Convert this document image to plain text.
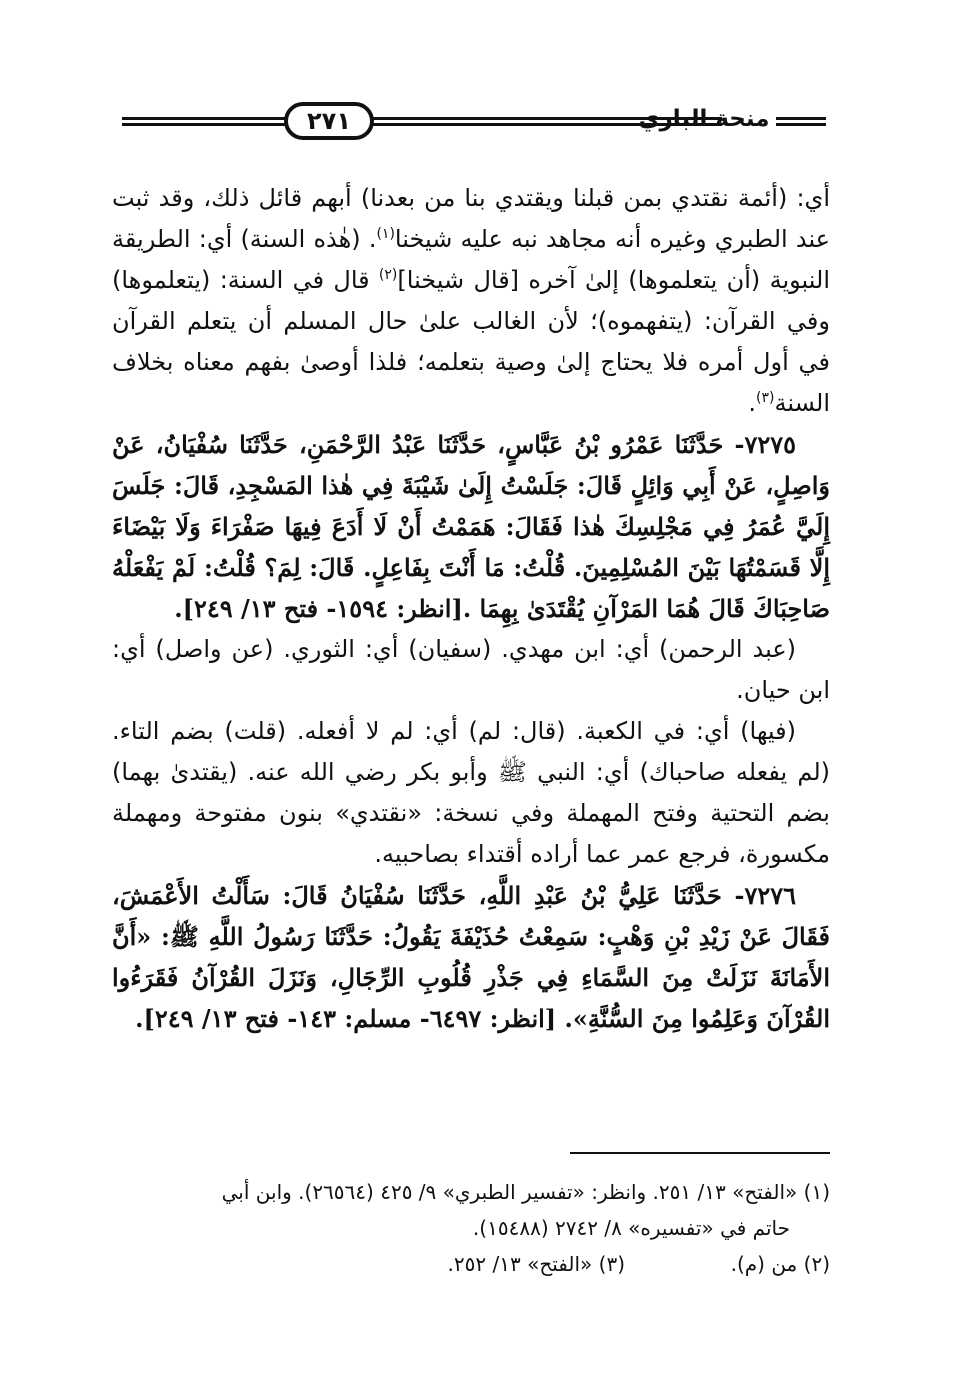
٢٧١	منحة الباري

أي: (أئمة نقتدي بمن قبلنا ويقتدي بنا من بعدنا) أبهم قائل ذلك، وقد ثبت عند الطبري وغيره أنه مجاهد نبه عليه شيخنا$^{(١)}$. (هٰذه السنة) أي: الطريقة النبوية (أن يتعلموها) إلىٰ آخره [قال شيخنا]$^{(٢)}$ قال في السنة: (يتعلموها) وفي القرآن: (يتفهموه)؛ لأن الغالب علىٰ حال المسلم أن يتعلم القرآن في أول أمره فلا يحتاج إلىٰ وصية بتعلمه؛ فلذا أوصىٰ بفهم معناه بخلاف السنة$^{(٣)}$.

٧٢٧٥- حَدَّثَنَا عَمْرُو بْنُ عَبَّاسٍ، حَدَّثَنَا عَبْدُ الرَّحْمَنِ، حَدَّثَنَا سُفْيَانُ، عَنْ وَاصِلٍ، عَنْ أَبِي وَائِلٍ قَالَ: جَلَسْتُ إِلَىٰ شَيْبَةَ فِي هٰذا المَسْجِدِ، قَالَ: جَلَسَ إِلَيَّ عُمَرُ فِي مَجْلِسِكَ هٰذا فَقَالَ: هَمَمْتُ أَنْ لَا أَدَعَ فِيهَا صَفْرَاءَ وَلَا بَيْضَاءَ إِلَّا قَسَمْتُهَا بَيْنَ المُسْلِمِينَ. قُلْتُ: مَا أَنْتَ بِفَاعِلٍ. قَالَ: لِمَ؟ قُلْتُ: لَمْ يَفْعَلْهُ صَاحِبَاكَ قَالَ هُمَا المَرْآنِ يُقْتَدَىٰ بِهِمَا .[انظر: ١٥٩٤- فتح ١٣/ ٢٤٩].

(عبد الرحمن) أي: ابن مهدي. (سفيان) أي: الثوري. (عن واصل) أي: ابن حيان.

(فيها) أي: في الكعبة. (قال: لم) أي: لم لا أفعله. (قلت) بضم التاء. (لم يفعله صاحباك) أي: النبي ﷺ وأبو بكر رضي الله عنه. (يقتدىٰ بهما) بضم التحتية وفتح المهملة وفي نسخة: «نقتدي» بنون مفتوحة ومهملة مكسورة، فرجع عمر عما أراده أقتداء بصاحبيه.

٧٢٧٦- حَدَّثَنَا عَلِيُّ بْنُ عَبْدِ اللَّهِ، حَدَّثَنَا سُفْيَانُ قَالَ: سَأَلْتُ الأَعْمَشَ، فَقَالَ عَنْ زَيْدِ بْنِ وَهْبٍ: سَمِعْتُ حُذَيْفَةَ يَقُولُ: حَدَّثَنَا رَسُولُ اللَّهِ ﷺ: «أَنَّ الأَمَانَةَ نَزَلَتْ مِنَ السَّمَاءِ فِي جَذْرِ قُلُوبِ الرِّجَالِ، وَنَزَلَ القُرْآنُ فَقَرَءُوا القُرْآنَ وَعَلِمُوا مِنَ السُّنَّةِ». [انظر: ٦٤٩٧- مسلم: ١٤٣- فتح ١٣/ ٢٤٩].

(١) «الفتح» ١٣/ ٢٥١. وانظر: «تفسير الطبري» ٩/ ٤٢٥ (٢٦٥٦٤). وابن أبي

حاتم في «تفسيره» ٨/ ٢٧٤٢ (١٥٤٨٨).

(٢) من (م).
(٣) «الفتح» ١٣/ ٢٥٢.
